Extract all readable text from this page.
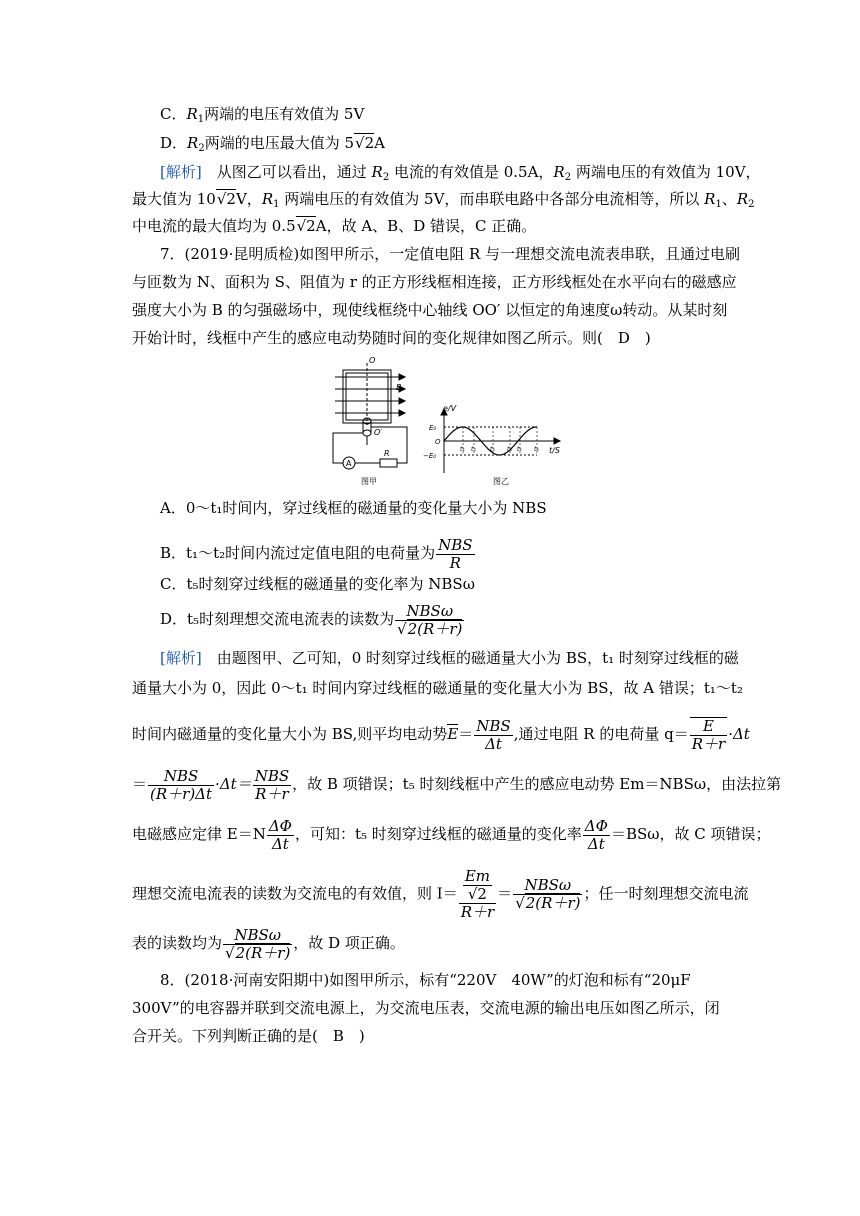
C．$R_1$两端的电压有效值为 5V
D．$R_2$两端的电压最大值为 5√2A
[解析]　 从图乙可以看出，通过 $R_2$ 电流的有效值是 0.5A，$R_2$ 两端电压的有效值为 10V，
最大值为 10√2V，$R_1$ 两端电压的有效值为 5V，而串联电路中各部分电流相等，所以 $R_1$、$R_2$
中电流的最大值均为 0.5√2A，故 A、B、D 错误，C 正确。
7．(2019·昆明质检)如图甲所示，一定值电阻 R 与一理想交流电流表串联，且通过电刷
与匝数为 N、面积为 S、阻值为 r 的正方形线框相连接，正方形线框处在水平向右的磁感应
强度大小为 B 的匀强磁场中，现使线框绕中心轴线 OO′ 以恒定的角速度ω转动。从某时刻
开始计时，线框中产生的感应电动势随时间的变化规律如图乙所示。则(　D　)
O
B
O′
A
R
图甲
e/V
t/S
E₀
−E₀
O
t₁ t₂ t₃ t₄ t₅ t₆
图乙
A．0～t₁时间内，穿过线框的磁通量的变化量大小为 NBS
B．t₁～t₂时间内流过定值电阻的电荷量为 $\frac{\text{NBS}}{R}$
C．t₅时刻穿过线框的磁通量的变化率为 NBSω
D．t₅时刻理想交流电流表的读数为 $\frac{\text{NBSω}}{√2(R+r)}$
[解析]　 由题图甲、乙可知，0 时刻穿过线框的磁通量大小为 BS，t₁ 时刻穿过线框的磁
通量大小为 0，因此 0～t₁ 时间内穿过线框的磁通量的变化量大小为 BS，故 A 错误；t₁～t₂
时间内磁通量的变化量大小为 BS,则平均电动势$E= \frac{\text{NBS}}{\Delta t}$ ,通过电阻 R 的电荷量 $q= \frac{E}{R+r} \cdot\Delta t$
＝ $\frac{\text{NBS}}{(R+r)\Delta t} \cdot\Delta t= \frac{\text{NBS}}{R+r}$ ，故 B 项错误；t₅ 时刻线框中产生的感应电动势 Em＝NBSω，由法拉第
电磁感应定律 $E=N \frac{\Delta\Phi}{\Delta t}$ ，可知：t₅ 时刻穿过线框的磁通量的变化率 $\frac{\Delta\Phi}{\Delta t} =BS\omega$，故 C 项错误；
理想交流电流表的读数为交流电的有效值，则 $I= \frac{\frac{Em}{√2}}{R+r} = \frac{\text{NBSω}}{√2(R+r)}$ ；任一时刻理想交流电流
表的读数均为 $\frac{\text{NBSω}}{√2(R+r)}$ ，故 D 项正确。
8．(2018·河南安阳期中)如图甲所示，标有“220V　40W”的灯泡和标有“20μF
300V”的电容器并联到交流电源上，为交流电压表，交流电源的输出电压如图乙所示，闭
合开关。下列判断正确的是(　B　)
